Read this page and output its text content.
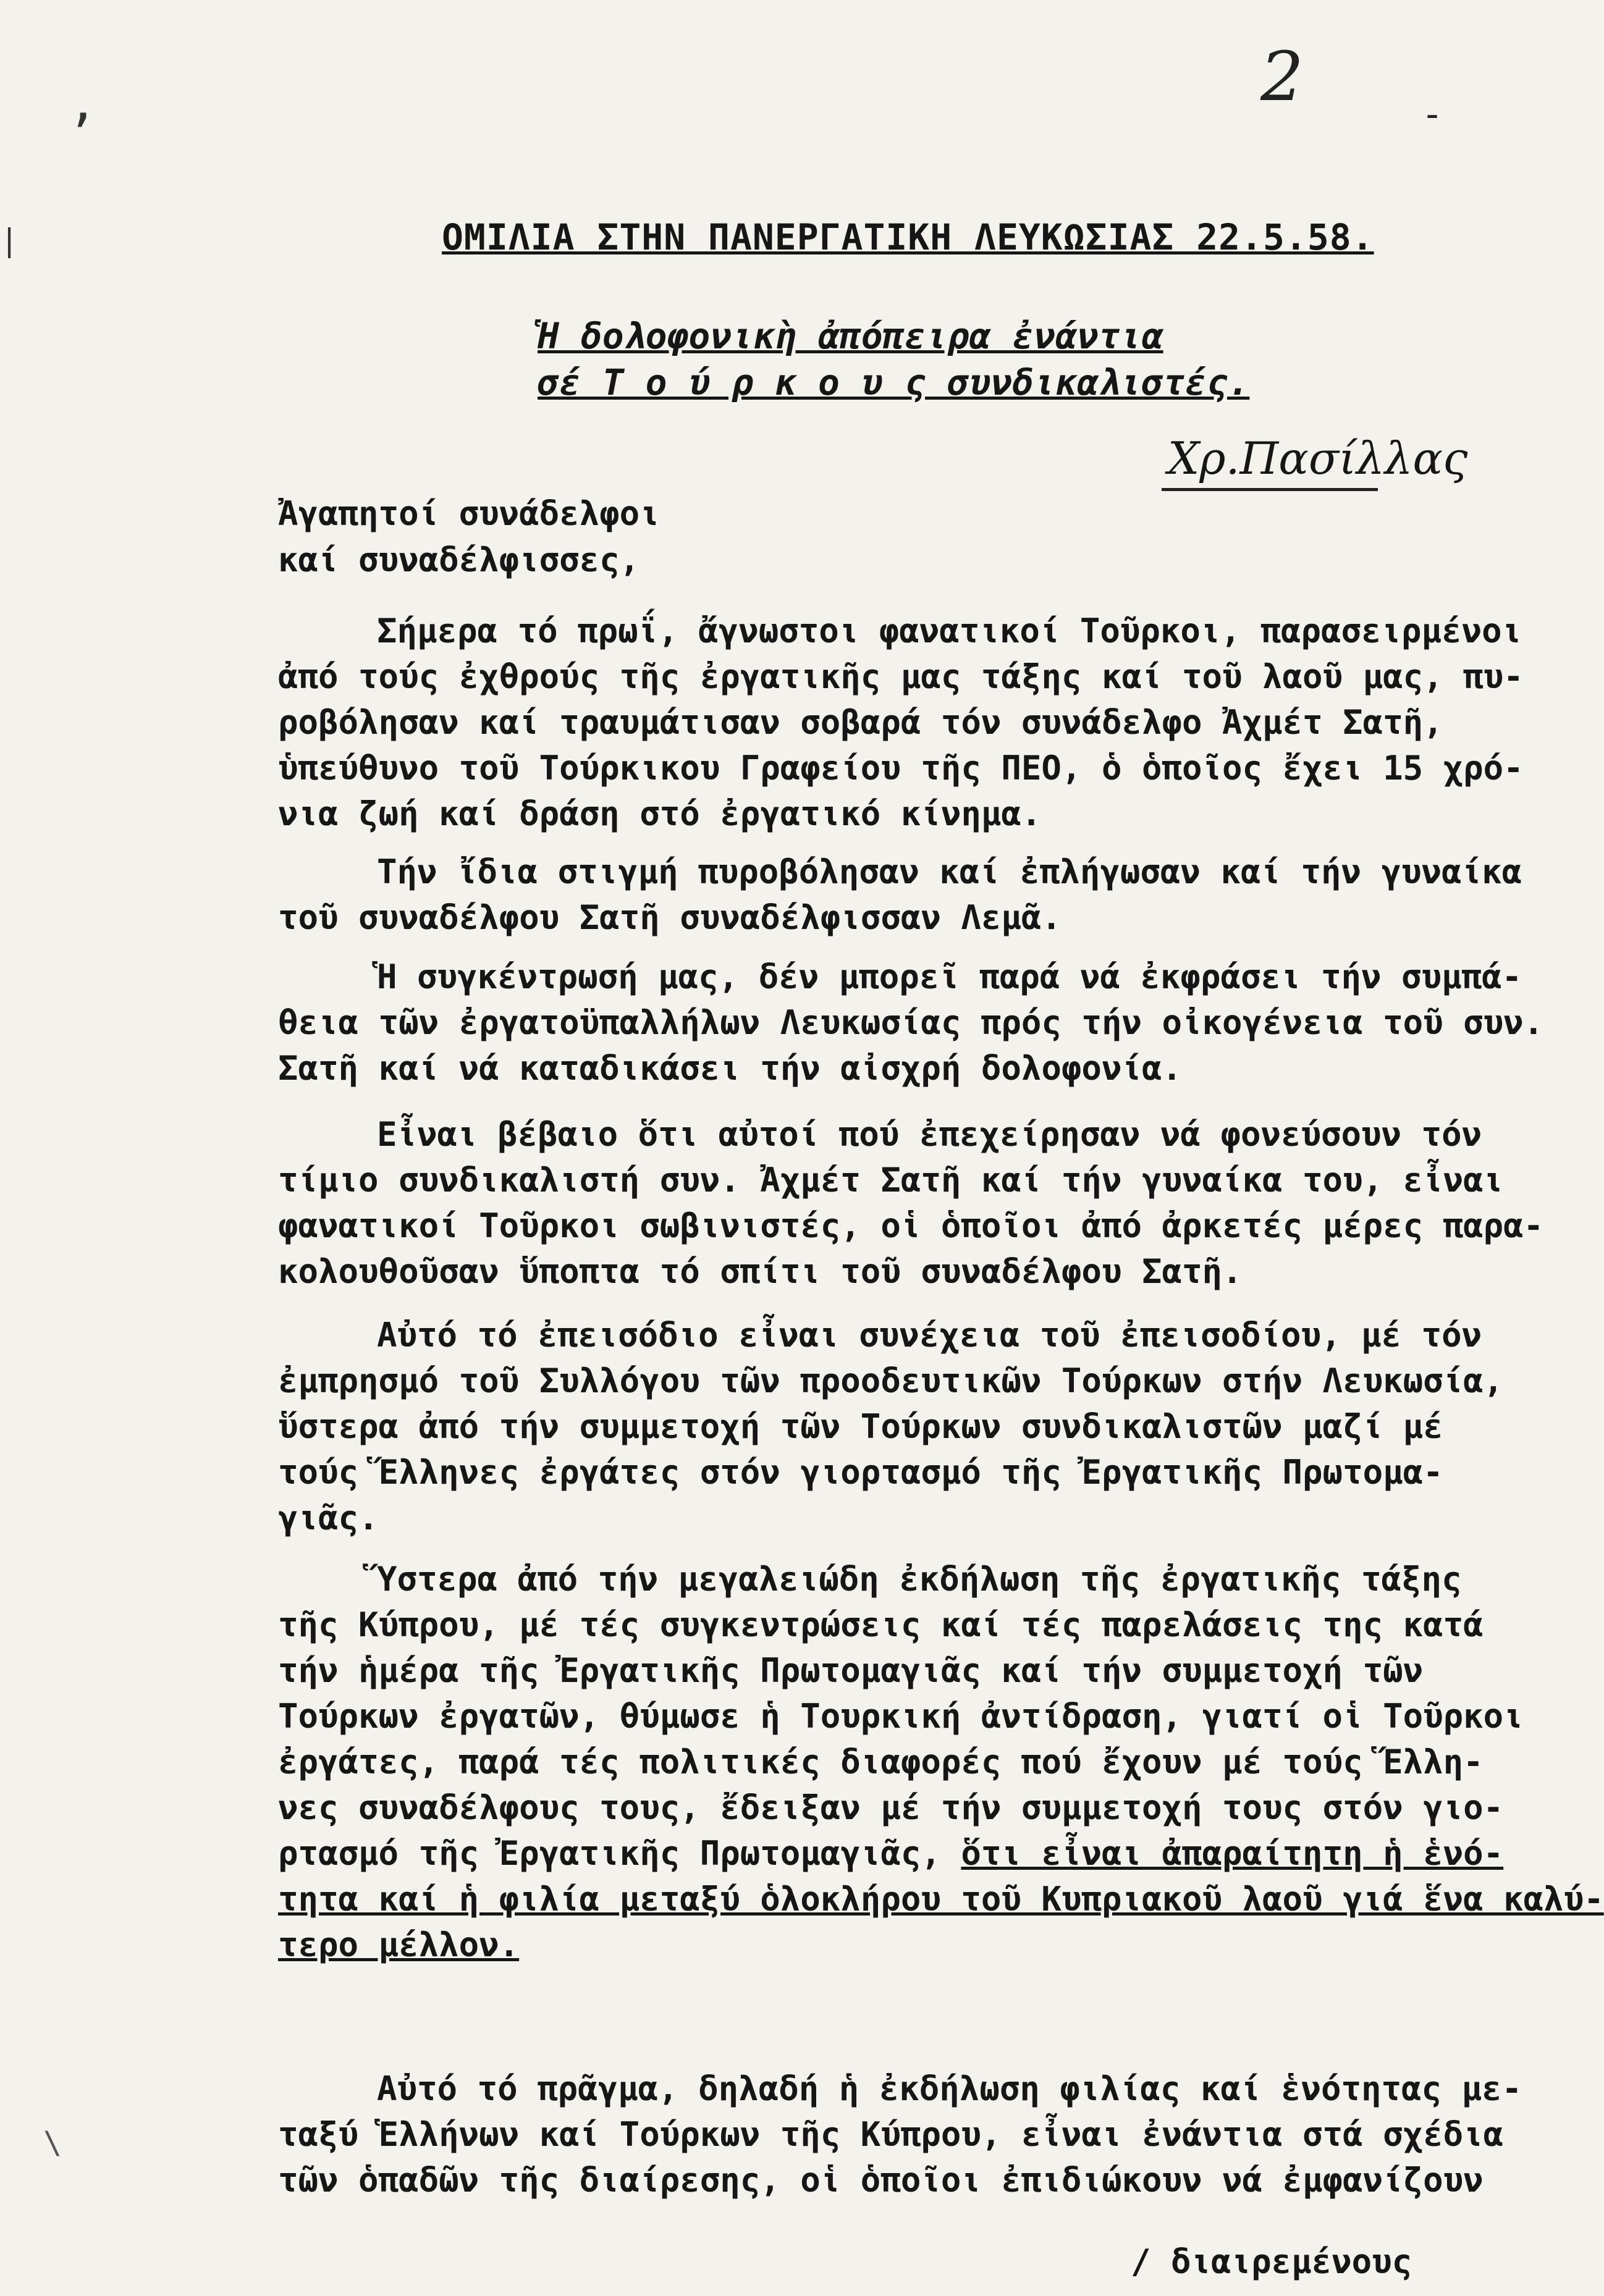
,
|
\
2	-
ΟΜΙΛΙΑ ΣΤΗΝ ΠΑΝΕΡΓΑΤΙΚΗ ΛΕΥΚΩΣΙΑΣ 22.5.58.
Ἡ δολοφονικὴ ἀπόπειρα ἐνάντια
σέ Τ ο ύ ρ κ ο υ ς συνδικαλιστές.
Χρ.Πασίλλας
Ἀγαπητοί συνάδελφοι
καί συναδέλφισσες,
Σήμερα τό πρωΐ, ἄγνωστοι φανατικοί Τοῦρκοι, παρασειρμένοι
ἀπό τούς ἐχθρούς τῆς ἐργατικῆς μας τάξης καί τοῦ λαοῦ μας, πυ-
ροβόλησαν καί τραυμάτισαν σοβαρά τόν συνάδελφο Ἀχμέτ Σατῆ,
ὑπεύθυνο τοῦ Τούρκικου Γραφείου τῆς ΠΕΟ, ὁ ὁποῖος ἔχει 15 χρό-
νια ζωή καί δράση στό ἐργατικό κίνημα.
Τήν ἴδια στιγμή πυροβόλησαν καί ἐπλήγωσαν καί τήν γυναίκα
τοῦ συναδέλφου Σατῆ συναδέλφισσαν Λεμᾶ.
Ἡ συγκέντρωσή μας, δέν μπορεῖ παρά νά ἐκφράσει τήν συμπά-
θεια τῶν ἐργατοϋπαλλήλων Λευκωσίας πρός τήν οἰκογένεια τοῦ συν.
Σατῆ καί νά καταδικάσει τήν αἰσχρή δολοφονία.
Εἶναι βέβαιο ὅτι αὐτοί πού ἐπεχείρησαν νά φονεύσουν τόν
τίμιο συνδικαλιστή συν. Ἀχμέτ Σατῆ καί τήν γυναίκα του, εἶναι
φανατικοί Τοῦρκοι σωβινιστές, οἱ ὁποῖοι ἀπό ἀρκετές μέρες παρα-
κολουθοῦσαν ὕποπτα τό σπίτι τοῦ συναδέλφου Σατῆ.
Αὐτό τό ἐπεισόδιο εἶναι συνέχεια τοῦ ἐπεισοδίου, μέ τόν
ἐμπρησμό τοῦ Συλλόγου τῶν προοδευτικῶν Τούρκων στήν Λευκωσία,
ὕστερα ἀπό τήν συμμετοχή τῶν Τούρκων συνδικαλιστῶν μαζί μέ
τούς Ἕλληνες ἐργάτες στόν γιορτασμό τῆς Ἐργατικῆς Πρωτομα-
γιᾶς.
Ὕστερα ἀπό τήν μεγαλειώδη ἐκδήλωση τῆς ἐργατικῆς τάξης
τῆς Κύπρου, μέ τές συγκεντρώσεις καί τές παρελάσεις της κατά
τήν ἡμέρα τῆς Ἐργατικῆς Πρωτομαγιᾶς καί τήν συμμετοχή τῶν
Τούρκων ἐργατῶν, θύμωσε ἡ Τουρκική ἀντίδραση, γιατί οἱ Τοῦρκοι
ἐργάτες, παρά τές πολιτικές διαφορές πού ἔχουν μέ τούς Ἕλλη-
νες συναδέλφους τους, ἔδειξαν μέ τήν συμμετοχή τους στόν γιο-
ρτασμό τῆς Ἐργατικῆς Πρωτομαγιᾶς, ὅτι εἶναι ἀπαραίτητη ἡ ἑνό-
τητα καί ἡ φιλία μεταξύ ὁλοκλήρου τοῦ Κυπριακοῦ λαοῦ γιά ἕνα καλύ-
τερο μέλλον.
Αὐτό τό πρᾶγμα, δηλαδή ἡ ἐκδήλωση φιλίας καί ἑνότητας με-
ταξύ Ἑλλήνων καί Τούρκων τῆς Κύπρου, εἶναι ἐνάντια στά σχέδια
τῶν ὁπαδῶν τῆς διαίρεσης, οἱ ὁποῖοι ἐπιδιώκουν νά ἐμφανίζουν
/ διαιρεμένους
